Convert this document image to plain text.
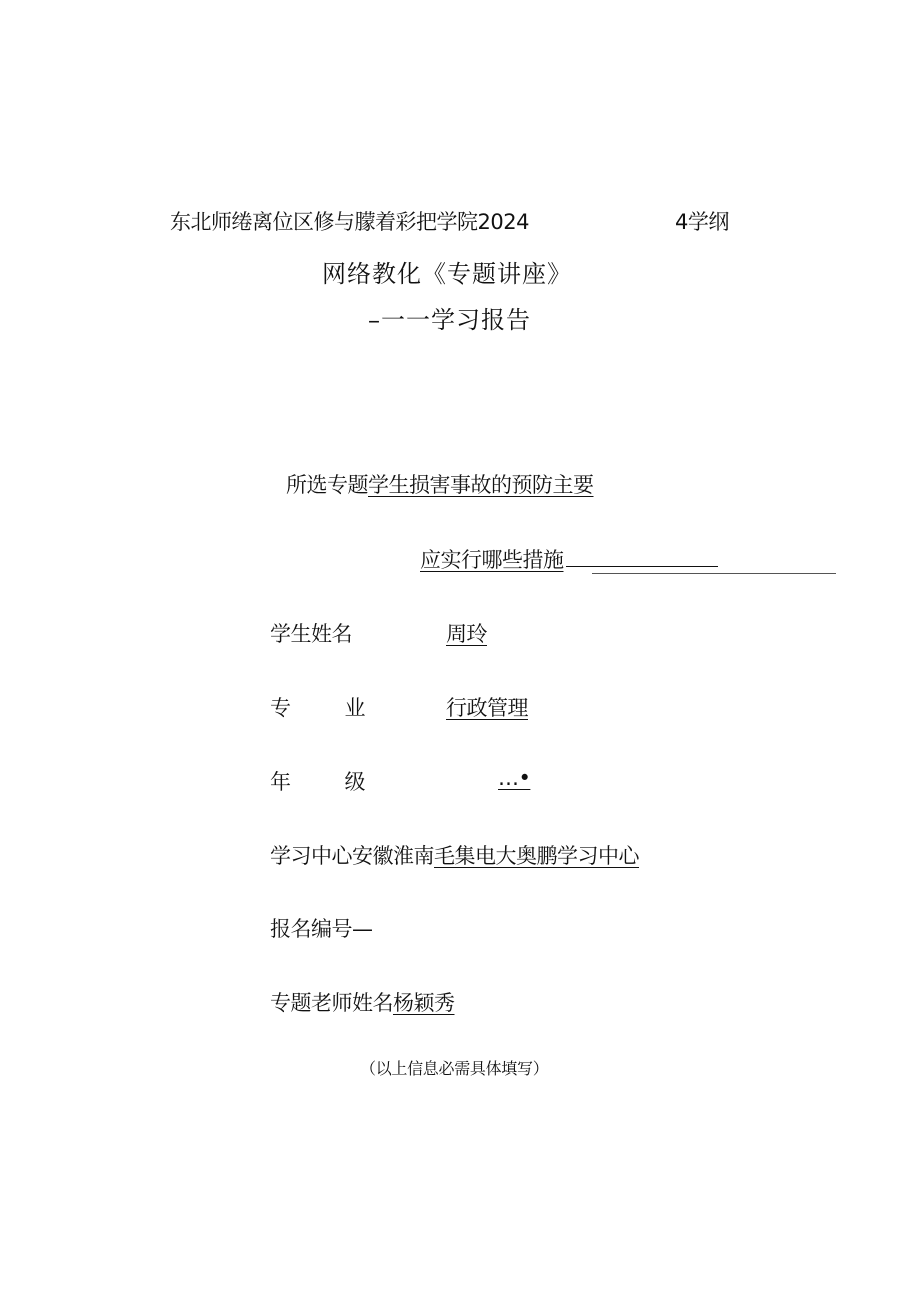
东北师绻离位区修与朦着彩把学院2024	4学纲
网络教化《专题讲座》
–一一学习报告
所选专题学生损害事故的预防主要
应实行哪些措施
学生姓名	周玲
专	业	行政管理
年	级	…•
学习中心安徽淮南毛集电大奥鹏学习中心
报名编号—
专题老师姓名杨颖秀
（以上信息必需具体填写）
